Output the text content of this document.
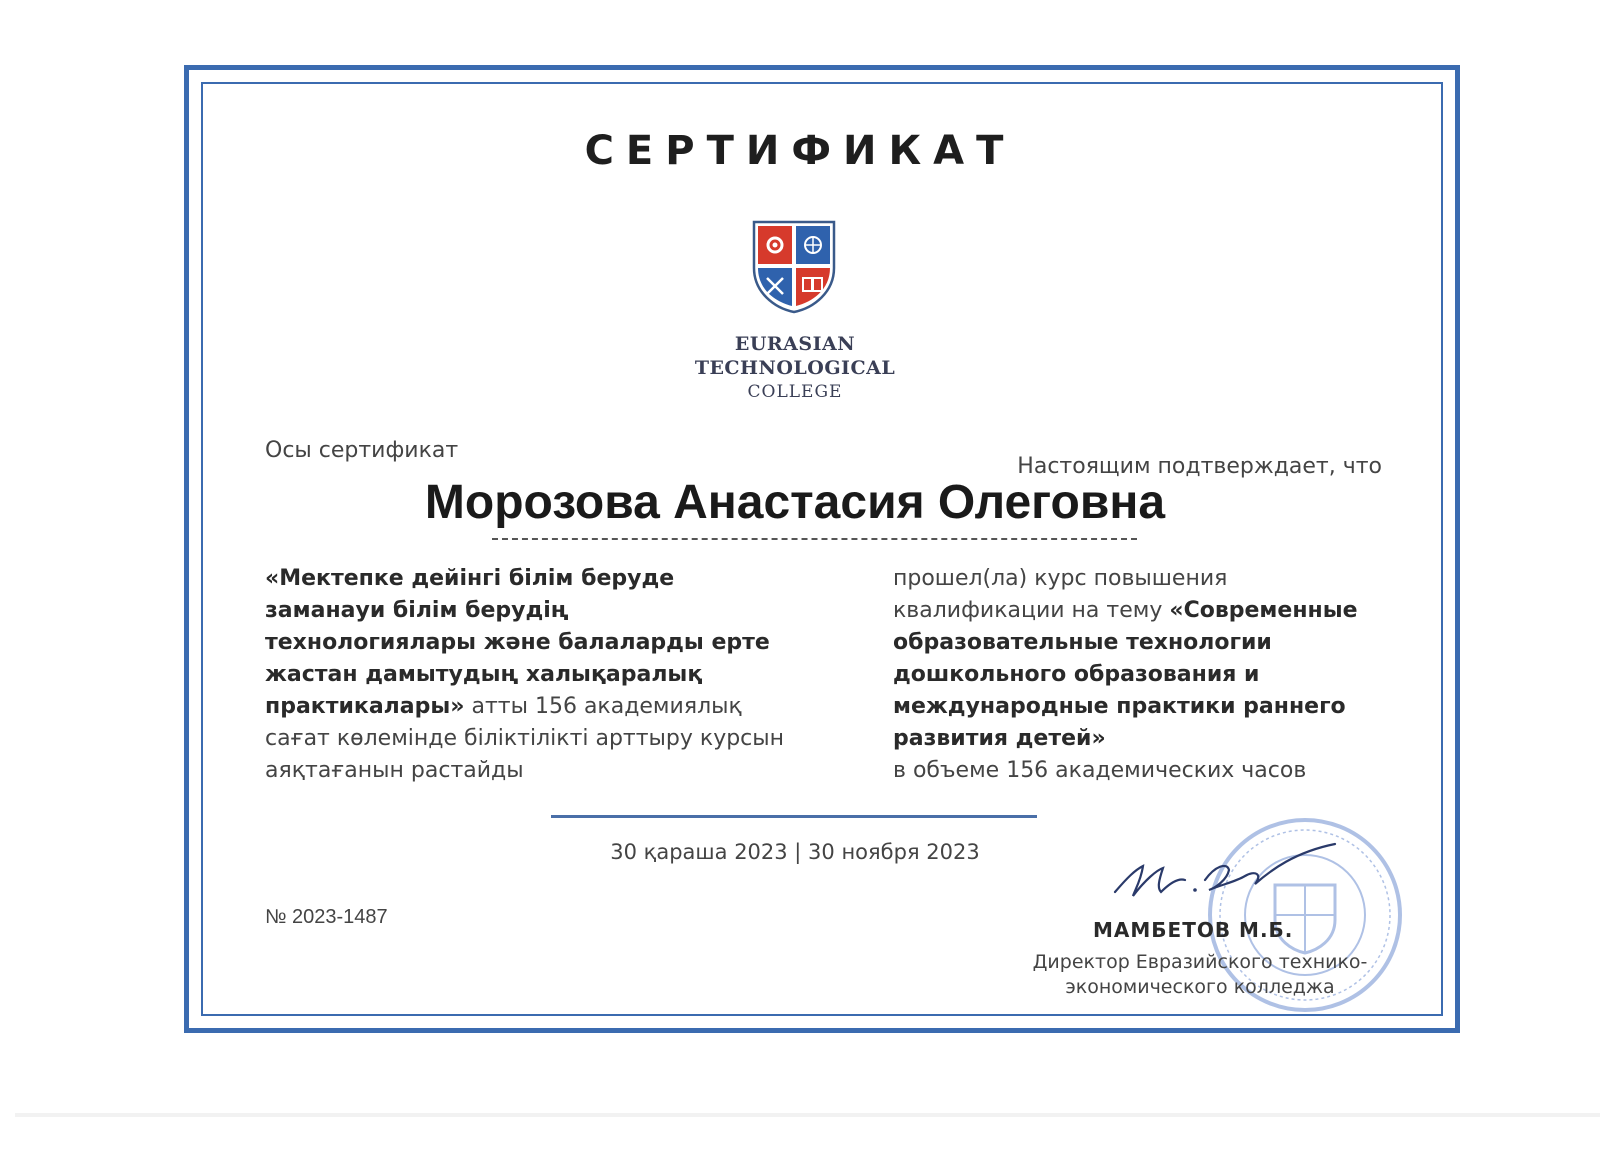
СЕРТИФИКАТ
EURASIAN
TECHNOLOGICAL
COLLEGE
Осы сертификат
Настоящим подтверждает, что
Морозова Анастасия Олеговна
«Мектепке дейінгі білім беруде заманауи білім берудің технологиялары және балаларды ерте жастан дамытудың халықаралық практикалары» атты 156 академиялық сағат көлемінде біліктілікті арттыру курсын аяқтағанын растайды
прошел(ла) курс повышения квалификации на тему «Современные образовательные технологии дошкольного образования и международные практики раннего развития детей»
в объеме 156 академических часов
30 қараша 2023 | 30 ноября 2023
№ 2023-1487
МАМБЕТОВ М.Б.
Директор Евразийского технико-
экономического колледжа
